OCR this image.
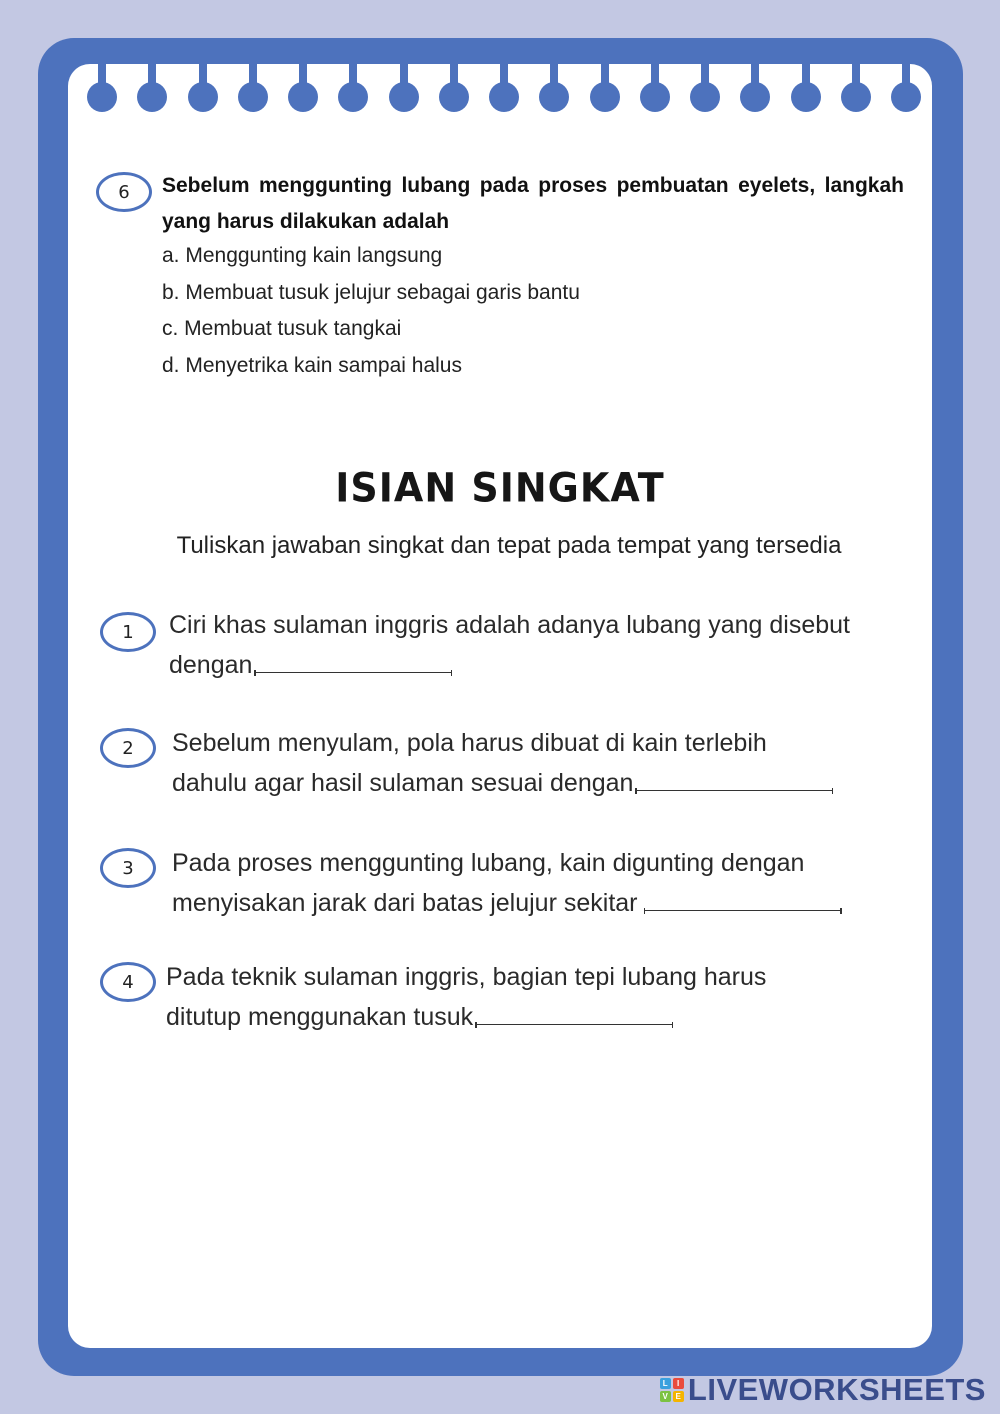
6 Sebelum menggunting lubang pada proses pembuatan eyelets, langkah yang harus dilakukan adalah
a. Menggunting kain langsung
b. Membuat tusuk jelujur sebagai garis bantu
c. Membuat tusuk tangkai
d. Menyetrika kain sampai halus
ISIAN SINGKAT
Tuliskan jawaban singkat dan tepat pada tempat yang tersedia
1 Ciri khas sulaman inggris adalah adanya lubang yang disebut
dengan
2 Sebelum menyulam, pola harus dibuat di kain terlebih
dahulu agar hasil sulaman sesuai dengan
3 Pada proses menggunting lubang, kain digunting dengan
menyisakan jarak dari batas jelujur sekitar
4 Pada teknik sulaman inggris, bagian tepi lubang harus
ditutup menggunakan tusuk
L	I
V E LIVEWORKSHEETS
